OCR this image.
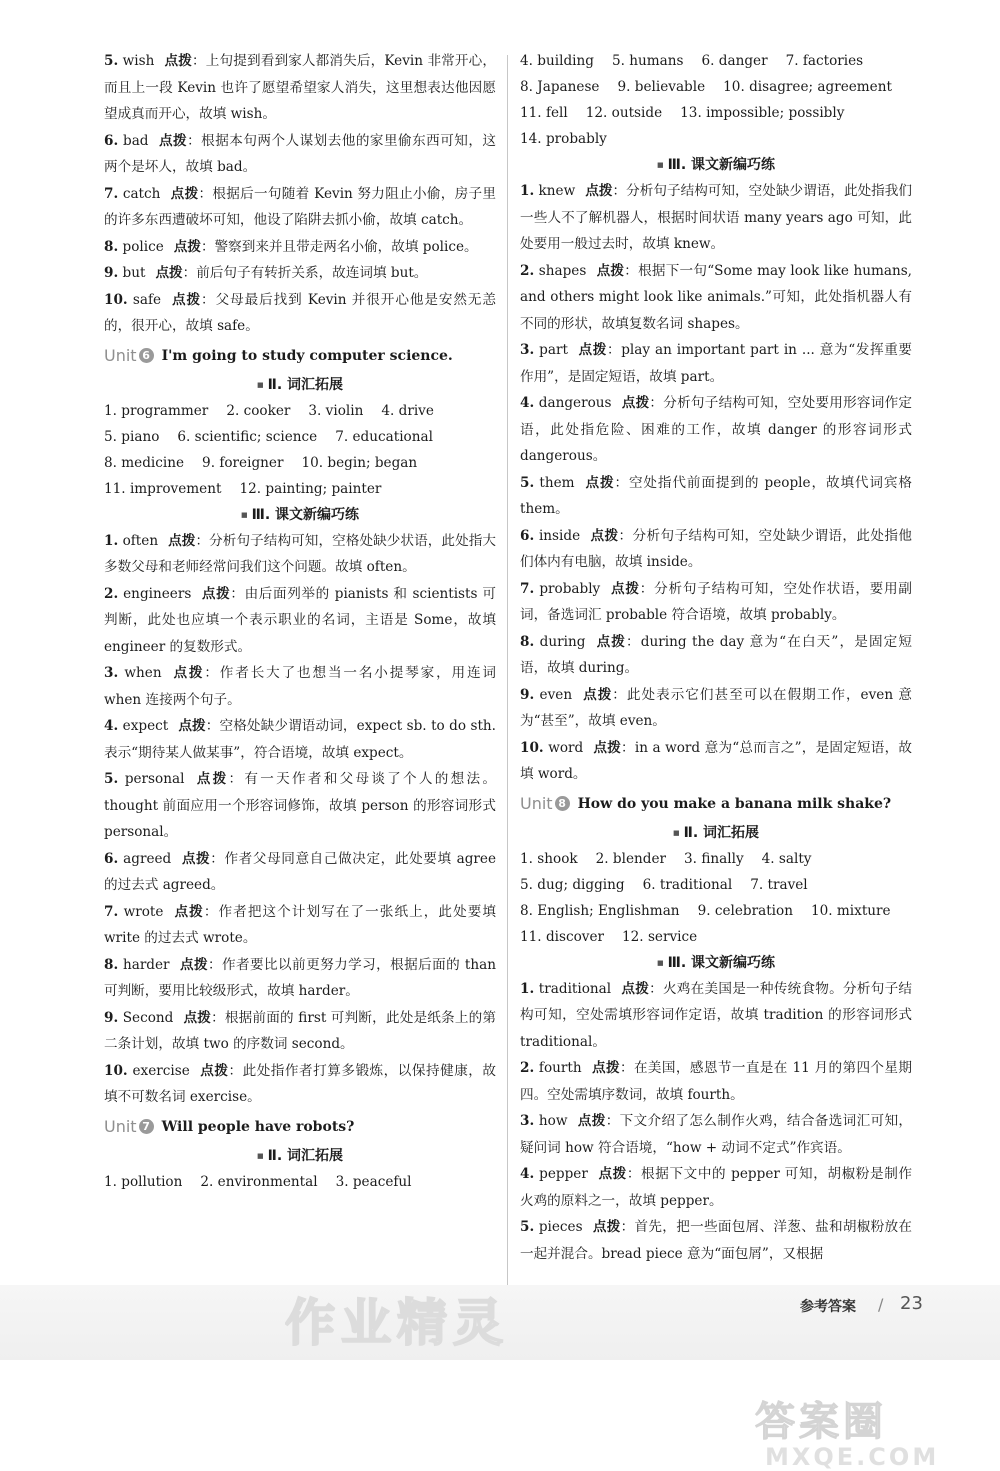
5. wish 点拨：上句提到看到家人都消失后，Kevin 非常开心，而且上一段 Kevin 也许了愿望希望家人消失，这里想表达他因愿望成真而开心，故填 wish。

6. bad 点拨：根据本句两个人谋划去他的家里偷东西可知，这两个是坏人，故填 bad。

7. catch 点拨：根据后一句随着 Kevin 努力阻止小偷，房子里的许多东西遭破坏可知，他设了陷阱去抓小偷，故填 catch。

8. police 点拨：警察到来并且带走两名小偷，故填 police。

9. but 点拨：前后句子有转折关系，故连词填 but。

10. safe 点拨：父母最后找到 Kevin 并很开心他是安然无恙的，很开心，故填 safe。

Unit 6 I'm going to study computer science.
■ Ⅱ. 词汇拓展
1. programmer 2. cooker 3. violin 4. drive
5. piano 6. scientific; science 7. educational
8. medicine 9. foreigner 10. begin; began
11. improvement 12. painting; painter
■ Ⅲ. 课文新编巧练

1. often 点拨：分析句子结构可知，空格处缺少状语，此处指大多数父母和老师经常问我们这个问题。故填 often。

2. engineers 点拨：由后面列举的 pianists 和 scientists 可判断，此处也应填一个表示职业的名词，主语是 Some，故填 engineer 的复数形式。

3. when 点拨：作者长大了也想当一名小提琴家，用连词 when 连接两个句子。

4. expect 点拨：空格处缺少谓语动词，expect sb. to do sth. 表示“期待某人做某事”，符合语境，故填 expect。

5. personal 点拨：有一天作者和父母谈了个人的想法。thought 前面应用一个形容词修饰，故填 person 的形容词形式 personal。

6. agreed 点拨：作者父母同意自己做决定，此处要填 agree 的过去式 agreed。

7. wrote 点拨：作者把这个计划写在了一张纸上，此处要填 write 的过去式 wrote。

8. harder 点拨：作者要比以前更努力学习，根据后面的 than 可判断，要用比较级形式，故填 harder。

9. Second 点拨：根据前面的 first 可判断，此处是纸条上的第二条计划，故填 two 的序数词 second。

10. exercise 点拨：此处指作者打算多锻炼，以保持健康，故填不可数名词 exercise。

Unit 7 Will people have robots?
■ Ⅱ. 词汇拓展
1. pollution 2. environmental 3. peaceful
4. building 5. humans 6. danger 7. factories
8. Japanese 9. believable 10. disagree; agreement
11. fell 12. outside 13. impossible; possibly
14. probably
■ Ⅲ. 课文新编巧练

1. knew 点拨：分析句子结构可知，空处缺少谓语，此处指我们一些人不了解机器人，根据时间状语 many years ago 可知，此处要用一般过去时，故填 knew。

2. shapes 点拨：根据下一句“Some may look like humans, and others might look like animals.”可知，此处指机器人有不同的形状，故填复数名词 shapes。

3. part 点拨：play an important part in ... 意为“发挥重要作用”，是固定短语，故填 part。

4. dangerous 点拨：分析句子结构可知，空处要用形容词作定语，此处指危险、困难的工作，故填 danger 的形容词形式 dangerous。

5. them 点拨：空处指代前面提到的 people，故填代词宾格 them。

6. inside 点拨：分析句子结构可知，空处缺少谓语，此处指他们体内有电脑，故填 inside。

7. probably 点拨：分析句子结构可知，空处作状语，要用副词，备选词汇 probable 符合语境，故填 probably。

8. during 点拨：during the day 意为“在白天”，是固定短语，故填 during。

9. even 点拨：此处表示它们甚至可以在假期工作，even 意为“甚至”，故填 even。

10. word 点拨：in a word 意为“总而言之”，是固定短语，故填 word。

Unit 8 How do you make a banana milk shake?
■ Ⅱ. 词汇拓展
1. shook 2. blender 3. finally 4. salty
5. dug; digging 6. traditional 7. travel
8. English; Englishman 9. celebration 10. mixture
11. discover 12. service
■ Ⅲ. 课文新编巧练

1. traditional 点拨：火鸡在美国是一种传统食物。分析句子结构可知，空处需填形容词作定语，故填 tradition 的形容词形式 traditional。

2. fourth 点拨：在美国，感恩节一直是在 11 月的第四个星期四。空处需填序数词，故填 fourth。

3. how 点拨：下文介绍了怎么制作火鸡，结合备选词汇可知，疑问词 how 符合语境，“how + 动词不定式”作宾语。

4. pepper 点拨：根据下文中的 pepper 可知，胡椒粉是制作火鸡的原料之一，故填 pepper。

5. pieces 点拨：首先，把一些面包屑、洋葱、盐和胡椒粉放在一起并混合。bread piece 意为“面包屑”，又根据

参考答案 / 23
作业精灵
答案圈
MXQE.COM
